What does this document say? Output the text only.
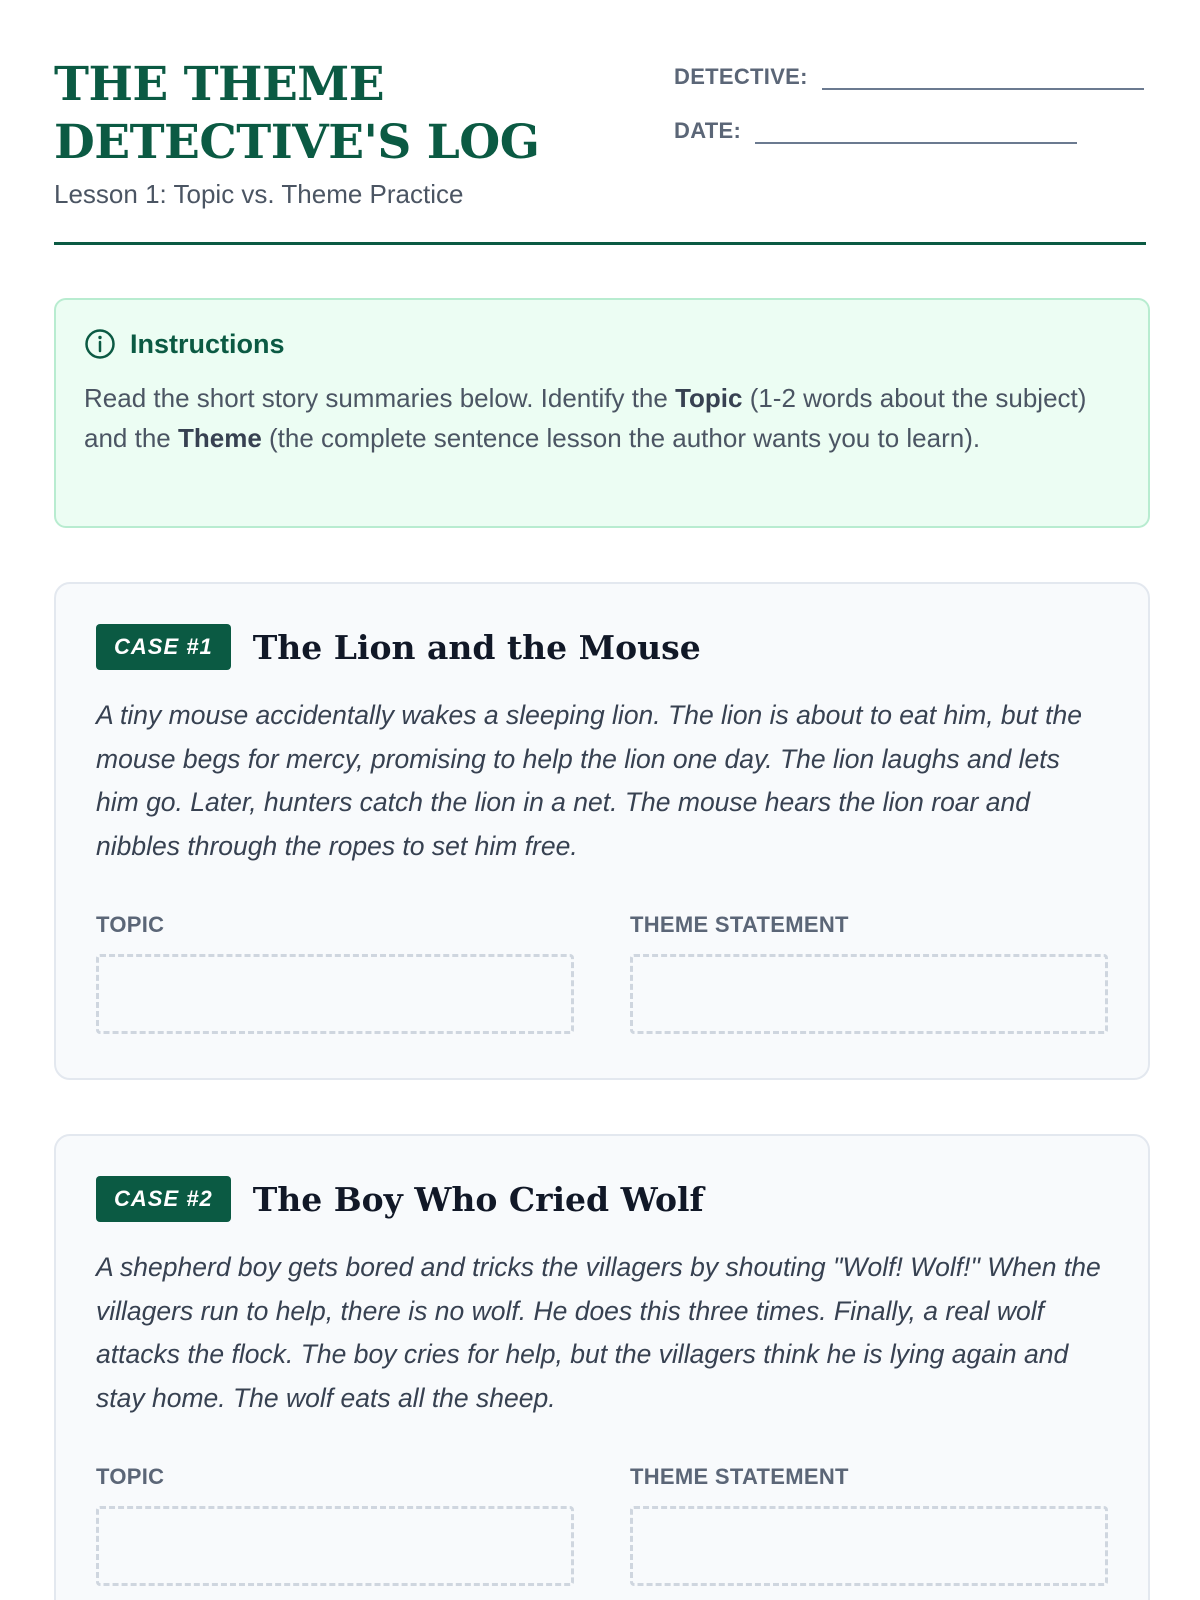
THE THEME DETECTIVE'S LOG
Lesson 1: Topic vs. Theme Practice
DETECTIVE:
DATE:
Instructions

Read the short story summaries below. Identify the Topic (1-2 words about the subject) and the Theme (the complete sentence lesson the author wants you to learn).

CASE #1	The Lion and the Mouse

A tiny mouse accidentally wakes a sleeping lion. The lion is about to eat him, but the mouse begs for mercy, promising to help the lion one day. The lion laughs and lets him go. Later, hunters catch the lion in a net. The mouse hears the lion roar and nibbles through the ropes to set him free.

TOPIC	THEME STATEMENT
CASE #2	The Boy Who Cried Wolf

A shepherd boy gets bored and tricks the villagers by shouting "Wolf! Wolf!" When the villagers run to help, there is no wolf. He does this three times. Finally, a real wolf attacks the flock. The boy cries for help, but the villagers think he is lying again and stay home. The wolf eats all the sheep.

TOPIC	THEME STATEMENT
